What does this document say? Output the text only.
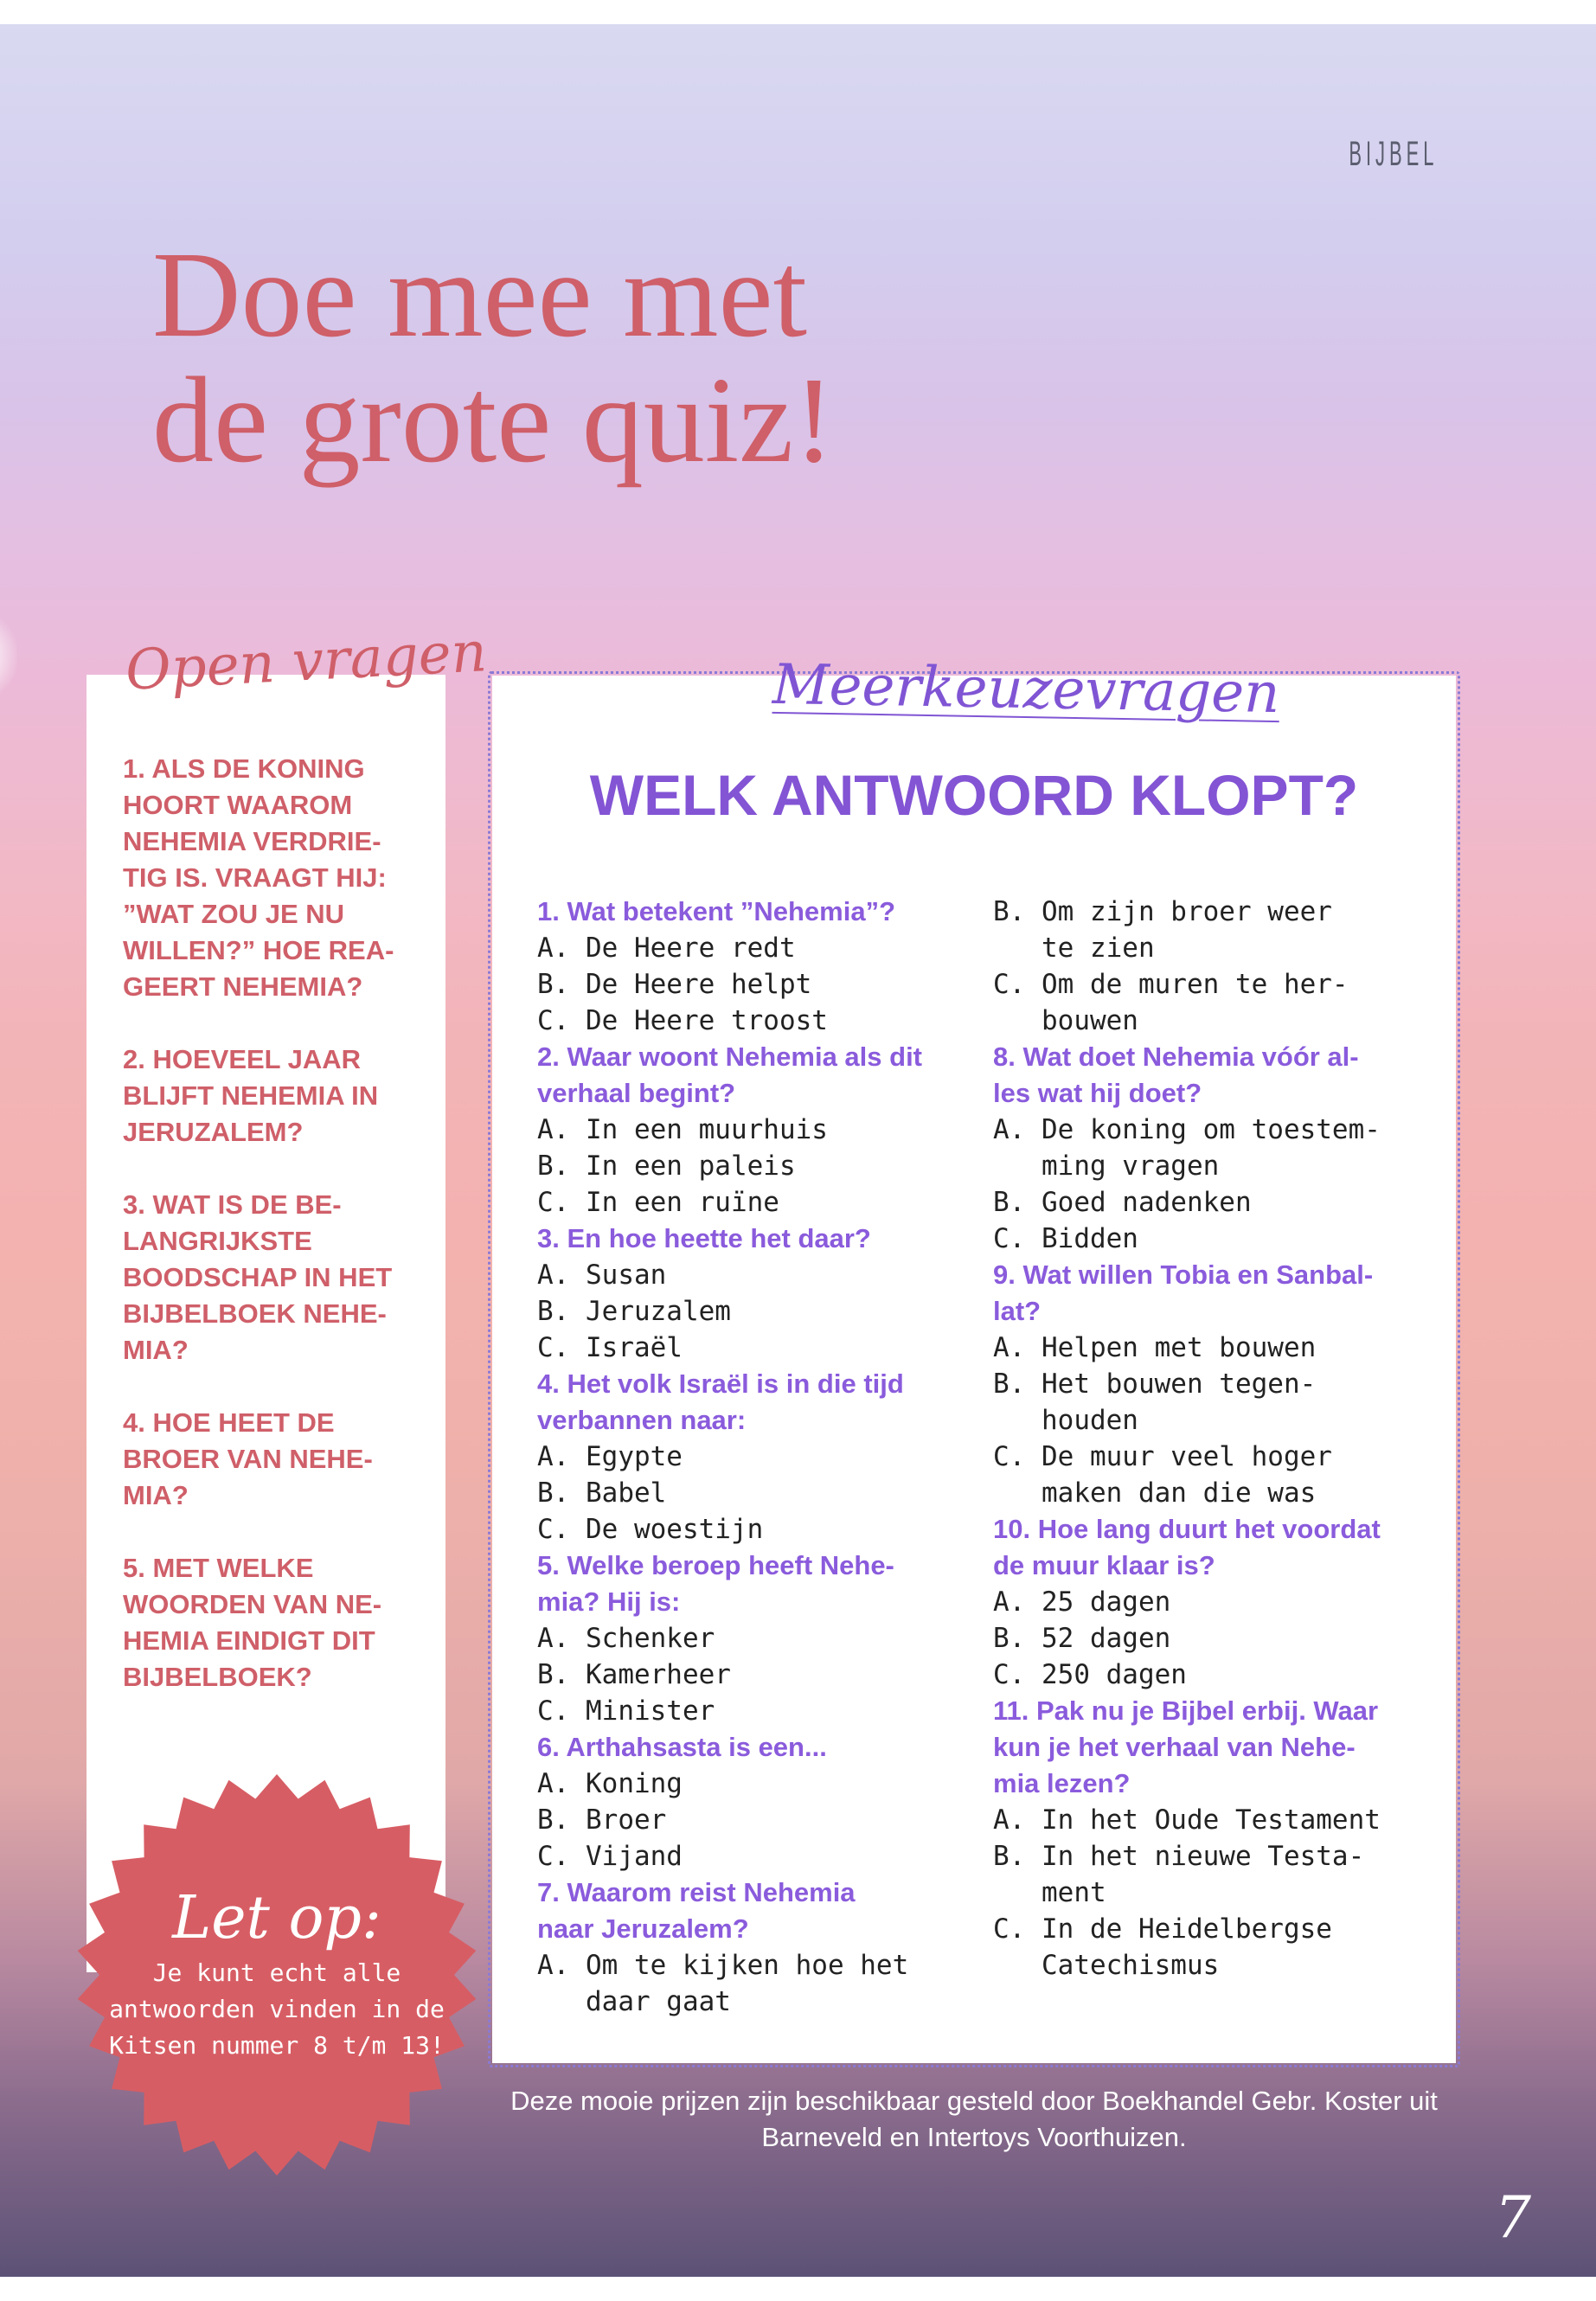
BIJBEL
Doe mee met
de grote quiz!
1. ALS DE KONING
HOORT WAAROM
NEHEMIA VERDRIE-
TIG IS. VRAAGT HIJ:
”WAT ZOU JE NU
WILLEN?” HOE REA-
GEERT NEHEMIA?
2. HOEVEEL JAAR
BLIJFT NEHEMIA IN
JERUZALEM?
3. WAT IS DE BE-
LANGRIJKSTE
BOODSCHAP IN HET
BIJBELBOEK NEHE-
MIA?
4. HOE HEET DE
BROER VAN NEHE-
MIA?
5. MET WELKE
WOORDEN VAN NE-
HEMIA EINDIGT DIT
BIJBELBOEK?
Open vragen
WELK ANTWOORD KLOPT?
1. Wat betekent ”Nehemia”?
A. De Heere redt
B. De Heere helpt
C. De Heere troost
2. Waar woont Nehemia als dit
verhaal begint?
A. In een muurhuis
B. In een paleis
C. In een ruïne
3. En hoe heette het daar?
A. Susan
B. Jeruzalem
C. Israël
4. Het volk Israël is in die tijd
verbannen naar:
A. Egypte
B. Babel
C. De woestijn
5. Welke beroep heeft Nehe-
mia? Hij is:
A. Schenker
B. Kamerheer
C. Minister
6. Arthahsasta is een...
A. Koning
B. Broer
C. Vijand
7. Waarom reist Nehemia
naar Jeruzalem?
A. Om te kijken hoe het
daar gaat
B. Om zijn broer weer
te zien
C. Om de muren te her-
bouwen
8. Wat doet Nehemia vóór al-
les wat hij doet?
A. De koning om toestem-
ming vragen
B. Goed nadenken
C. Bidden
9. Wat willen Tobia en Sanbal-
lat?
A. Helpen met bouwen
B. Het bouwen tegen-
houden
C. De muur veel hoger
maken dan die was
10. Hoe lang duurt het voordat
de muur klaar is?
A. 25 dagen
B. 52 dagen
C. 250 dagen
11. Pak nu je Bijbel erbij. Waar
kun je het verhaal van Nehe-
mia lezen?
A. In het Oude Testament
B. In het nieuwe Testa-
ment
C. In de Heidelbergse
Catechismus
Meerkeuzevragen
Let op:
Je kunt echt alle antwoorden vinden in de Kitsen nummer 8 t/m 13!
Deze mooie prijzen zijn beschikbaar gesteld door Boekhandel Gebr. Koster uit Barneveld en Intertoys Voorthuizen.
7
